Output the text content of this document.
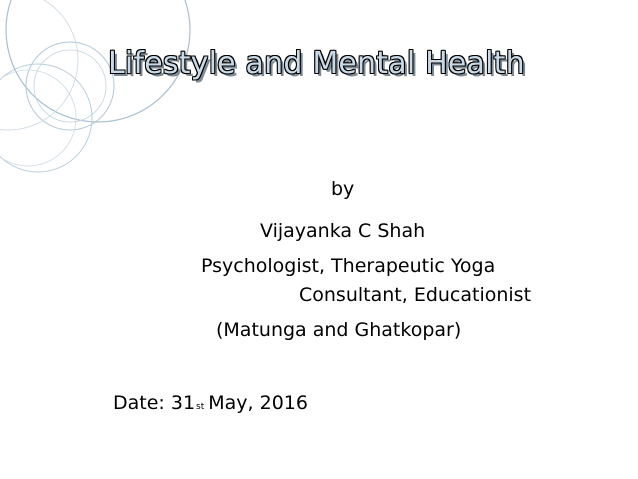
Lifestyle and Mental Health
by
Vijayanka C Shah
Psychologist, Therapeutic Yoga
Consultant, Educationist
(Matunga and Ghatkopar)
Date: 31st May, 2016
